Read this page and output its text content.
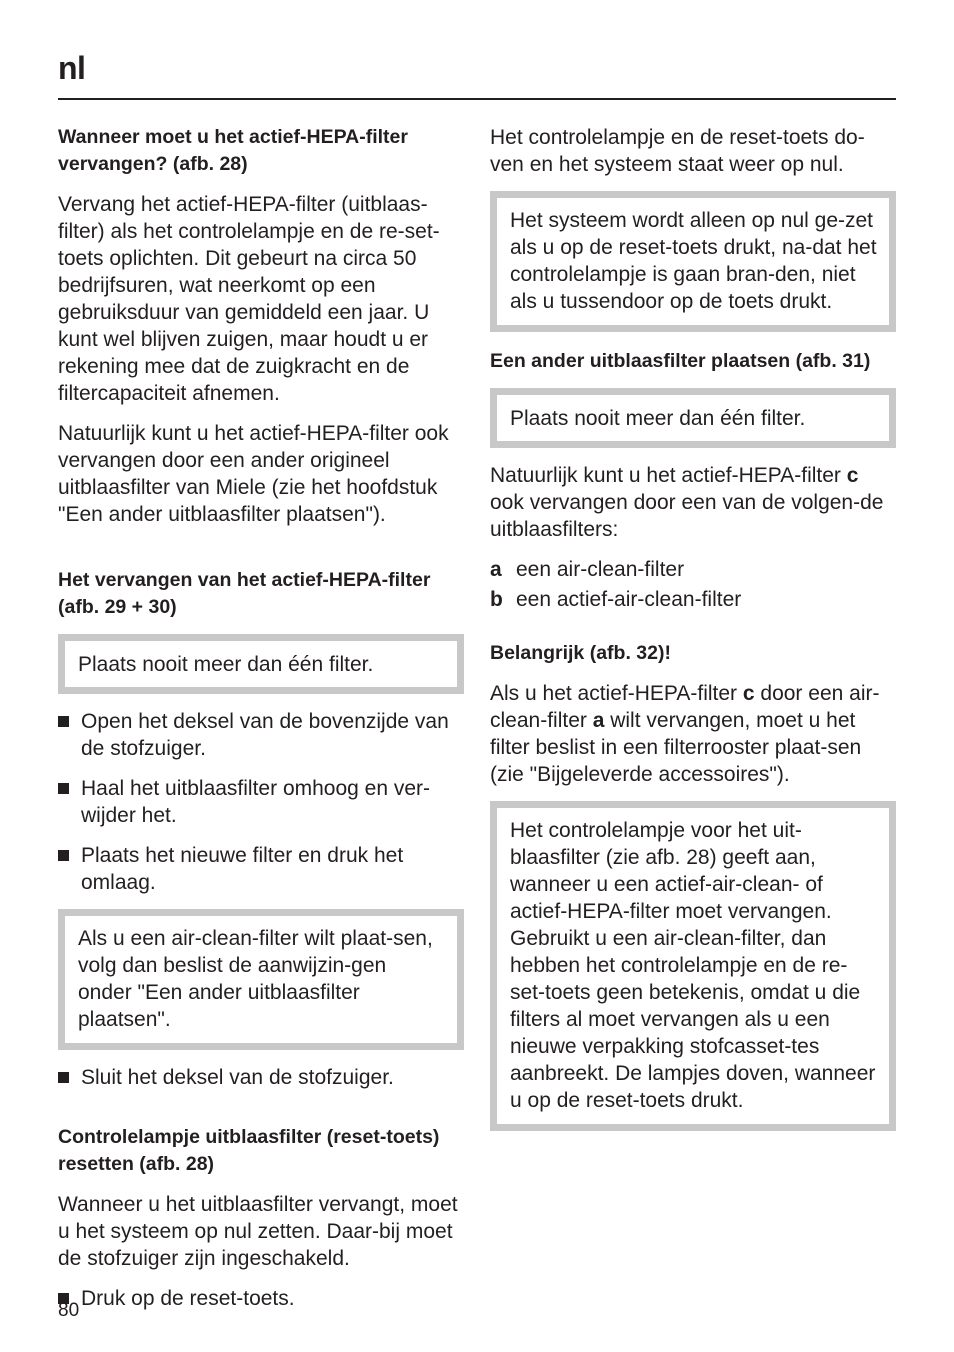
nl
Wanneer moet u het actief-HEPA-filter vervangen? (afb. 28)

Vervang het actief-HEPA-filter (uitblaas-filter) als het controlelampje en de re-set-toets oplichten. Dit gebeurt na circa 50 bedrijfsuren, wat neerkomt op een gebruiksduur van gemiddeld een jaar. U kunt wel blijven zuigen, maar houdt u er rekening mee dat de zuigkracht en de filtercapaciteit afnemen.

Natuurlijk kunt u het actief-HEPA-filter ook vervangen door een ander origineel uitblaasfilter van Miele (zie het hoofdstuk "Een ander uitblaasfilter plaatsen").

Het vervangen van het actief-HEPA-filter (afb. 29 + 30)
Plaats nooit meer dan één filter.
Open het deksel van de bovenzijde van de stofzuiger.
Haal het uitblaasfilter omhoog en ver-wijder het.
Plaats het nieuwe filter en druk het omlaag.
Als u een air-clean-filter wilt plaat-sen, volg dan beslist de aanwijzin-gen onder "Een ander uitblaasfilter plaatsen".
Sluit het deksel van de stofzuiger.
Controlelampje uitblaasfilter (reset-toets) resetten (afb. 28)

Wanneer u het uitblaasfilter vervangt, moet u het systeem op nul zetten. Daar-bij moet de stofzuiger zijn ingeschakeld.

Druk op de reset-toets.

Het controlelampje en de reset-toets do-ven en het systeem staat weer op nul.

Het systeem wordt alleen op nul ge-zet als u op de reset-toets drukt, na-dat het controlelampje is gaan bran-den, niet als u tussendoor op de toets drukt.
Een ander uitblaasfilter plaatsen (afb. 31)
Plaats nooit meer dan één filter.

Natuurlijk kunt u het actief-HEPA-filter c ook vervangen door een van de volgen-de uitblaasfilters:

a een air-clean-filter
b een actief-air-clean-filter
Belangrijk (afb. 32)!

Als u het actief-HEPA-filter c door een air-clean-filter a wilt vervangen, moet u het filter beslist in een filterrooster plaat-sen (zie "Bijgeleverde accessoires").

Het controlelampje voor het uit-blaasfilter (zie afb. 28) geeft aan, wanneer u een actief-air-clean- of actief-HEPA-filter moet vervangen. Gebruikt u een air-clean-filter, dan hebben het controlelampje en de re-set-toets geen betekenis, omdat u die filters al moet vervangen als u een nieuwe verpakking stofcasset-tes aanbreekt. De lampjes doven, wanneer u op de reset-toets drukt.
80
